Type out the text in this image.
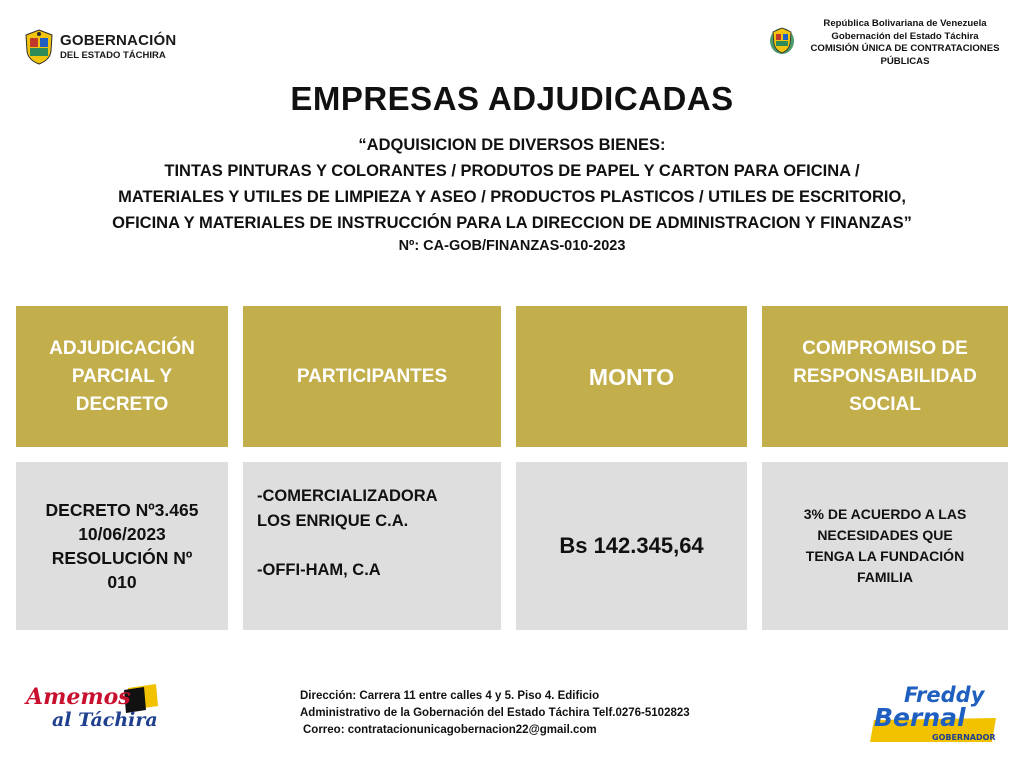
GOBERNACIÓN
DEL ESTADO TÁCHIRA
República Bolivariana de Venezuela
Gobernación del Estado Táchira
COMISIÓN ÚNICA DE CONTRATACIONES
PÚBLICAS
EMPRESAS ADJUDICADAS
“ADQUISICION DE DIVERSOS BIENES:
TINTAS PINTURAS Y COLORANTES / PRODUTOS DE PAPEL Y CARTON PARA OFICINA /
MATERIALES Y UTILES DE LIMPIEZA Y ASEO / PRODUCTOS PLASTICOS / UTILES DE ESCRITORIO,
OFICINA Y MATERIALES DE INSTRUCCIÓN PARA LA DIRECCION DE ADMINISTRACION Y FINANZAS”
Nº: CA-GOB/FINANZAS-010-2023
ADJUDICACIÓN
PARCIAL Y
DECRETO
PARTICIPANTES	MONTO
COMPROMISO DE
RESPONSABILIDAD
SOCIAL
DECRETO Nº3.465
10/06/2023
RESOLUCIÓN Nº
010
-COMERCIALIZADORA
LOS ENRIQUE C.A.
-OFFI-HAM, C.A
Bs 142.345,64
3% DE ACUERDO A LAS
NECESIDADES QUE
TENGA LA FUNDACIÓN
FAMILIA
Amemos
al Táchira
Dirección: Carrera 11 entre calles 4 y 5. Piso 4. Edificio
Administrativo de la Gobernación del Estado Táchira Telf.0276-5102823
Correo: contratacionunicagobernacion22@gmail.com
Freddy
Bernal
GOBERNADOR
